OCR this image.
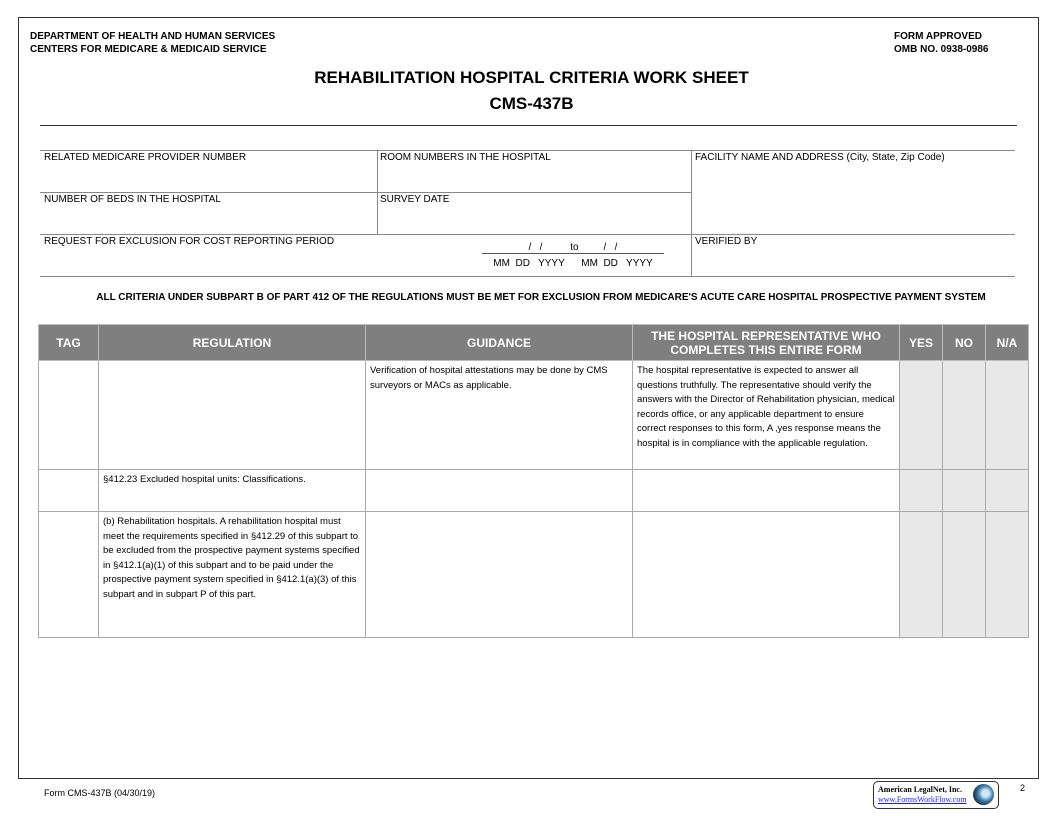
DEPARTMENT OF HEALTH AND HUMAN SERVICES
CENTERS FOR MEDICARE & MEDICAID SERVICE
FORM APPROVED
OMB NO. 0938-0986
REHABILITATION HOSPITAL CRITERIA WORK SHEET
CMS-437B
RELATED MEDICARE PROVIDER NUMBER	ROOM NUMBERS IN THE HOSPITAL	FACILITY NAME AND ADDRESS (City, State, Zip Code)
NUMBER OF BEDS IN THE HOSPITAL	SURVEY DATE
REQUEST FOR EXCLUSION FOR COST REPORTING PERIOD
/   /          to         /   /
MM  DD   YYYY      MM  DD   YYYY
VERIFIED BY
ALL CRITERIA UNDER SUBPART B OF PART 412 OF THE REGULATIONS MUST BE MET FOR EXCLUSION FROM MEDICARE'S ACUTE CARE HOSPITAL PROSPECTIVE PAYMENT SYSTEM
TAG	REGULATION	GUIDANCE	THE HOSPITAL REPRESENTATIVE WHO COMPLETES THIS ENTIRE FORM	YES	NO	N/A
		Verification of hospital attestations may be done by CMS surveyors or MACs as applicable.	The hospital representative is expected to answer all questions truthfully. The representative should verify the answers with the Director of Rehabilitation physician, medical records office, or any applicable department to ensure correct responses to this form, A ‚yes response means the hospital is in compliance with the applicable regulation.			
	§412.23 Excluded hospital units: Classifications.					
	(b) Rehabilitation hospitals. A rehabilitation hospital must meet the requirements specified in §412.29 of this subpart to be excluded from the prospective payment systems specified in §412.1(a)(1) of this subpart and to be paid under the prospective payment system specified in §412.1(a)(3) of this subpart and in subpart P of this part.					
Form CMS-437B (04/30/19)	2
American LegalNet, Inc.
www.FormsWorkFlow.com
